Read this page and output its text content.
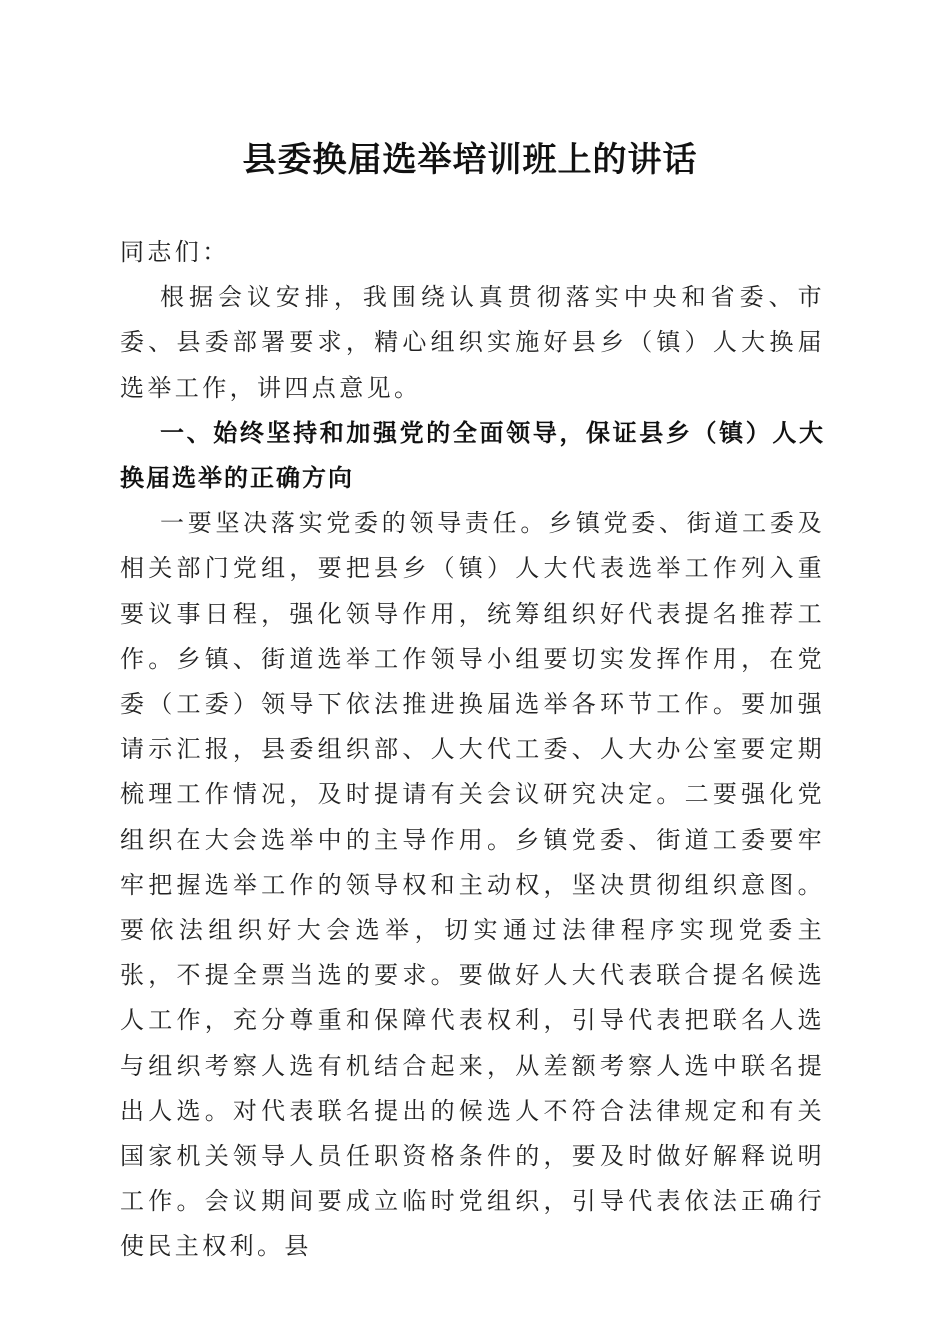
县委换届选举培训班上的讲话

同志们：

根据会议安排，我围绕认真贯彻落实中央和省委、市委、县委部署要求，精心组织实施好县乡（镇）人大换届选举工作，讲四点意见。

一、始终坚持和加强党的全面领导，保证县乡（镇）人大换届选举的正确方向

一要坚决落实党委的领导责任。乡镇党委、街道工委及相关部门党组，要把县乡（镇）人大代表选举工作列入重要议事日程，强化领导作用，统筹组织好代表提名推荐工作。乡镇、街道选举工作领导小组要切实发挥作用，在党委（工委）领导下依法推进换届选举各环节工作。要加强请示汇报，县委组织部、人大代工委、人大办公室要定期梳理工作情况，及时提请有关会议研究决定。二要强化党组织在大会选举中的主导作用。乡镇党委、街道工委要牢牢把握选举工作的领导权和主动权，坚决贯彻组织意图。要依法组织好大会选举，切实通过法律程序实现党委主张，不提全票当选的要求。要做好人大代表联合提名候选人工作，充分尊重和保障代表权利，引导代表把联名人选与组织考察人选有机结合起来，从差额考察人选中联名提出人选。对代表联名提出的候选人不符合法律规定和有关国家机关领导人员任职资格条件的，要及时做好解释说明工作。会议期间要成立临时党组织，引导代表依法正确行使民主权利。县
